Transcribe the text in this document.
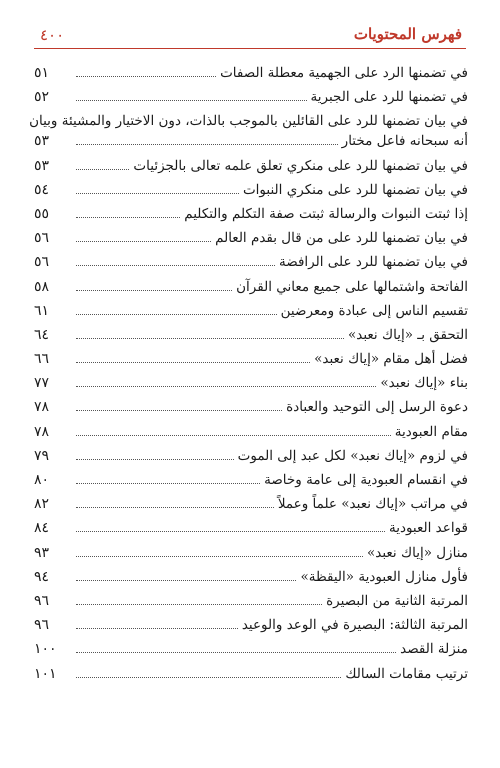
٤٠٠	فهرس المحتويات
في تضمنها الرد على الجهمية معطلة الصفات
٥١
في تضمنها للرد على الجبرية
٥٢
في بيان تضمنها للرد على القائلين بالموجب بالذات، دون الاختيار والمشيئة وبيان
أنه سبحانه فاعل مختار
٥٣
في بيان تضمنها للرد على منكري تعلق علمه تعالى بالجزئيات
٥٣
في بيان تضمنها للرد على منكري النبوات
٥٤
إذا ثبتت النبوات والرسالة ثبتت صفة التكلم والتكليم
٥٥
في بيان تضمنها للرد على من قال بقدم العالم
٥٦
في بيان تضمنها للرد على الرافضة
٥٦
الفاتحة واشتمالها على جميع معاني القرآن
٥٨
تقسيم الناس إلى عبادة ومعرضين
٦١
التحقق بـ «إياك نعبد»
٦٤
فضل أهل مقام «إياك نعبد»
٦٦
بناء «إياك نعبد»
٧٧
دعوة الرسل إلى التوحيد والعبادة
٧٨
مقام العبودية
٧٨
في لزوم «إياك نعبد» لكل عبد إلى الموت
٧٩
في انقسام العبودية إلى عامة وخاصة
٨٠
في مراتب «إياك نعبد» علماً وعملاً
٨٢
قواعد العبودية
٨٤
منازل «إياك نعبد»
٩٣
فأول منازل العبودية «اليقظة»
٩٤
المرتبة الثانية من البصيرة
٩٦
المرتبة الثالثة: البصيرة في الوعد والوعيد
٩٦
منزلة القصد
١٠٠
ترتيب مقامات السالك
١٠١
